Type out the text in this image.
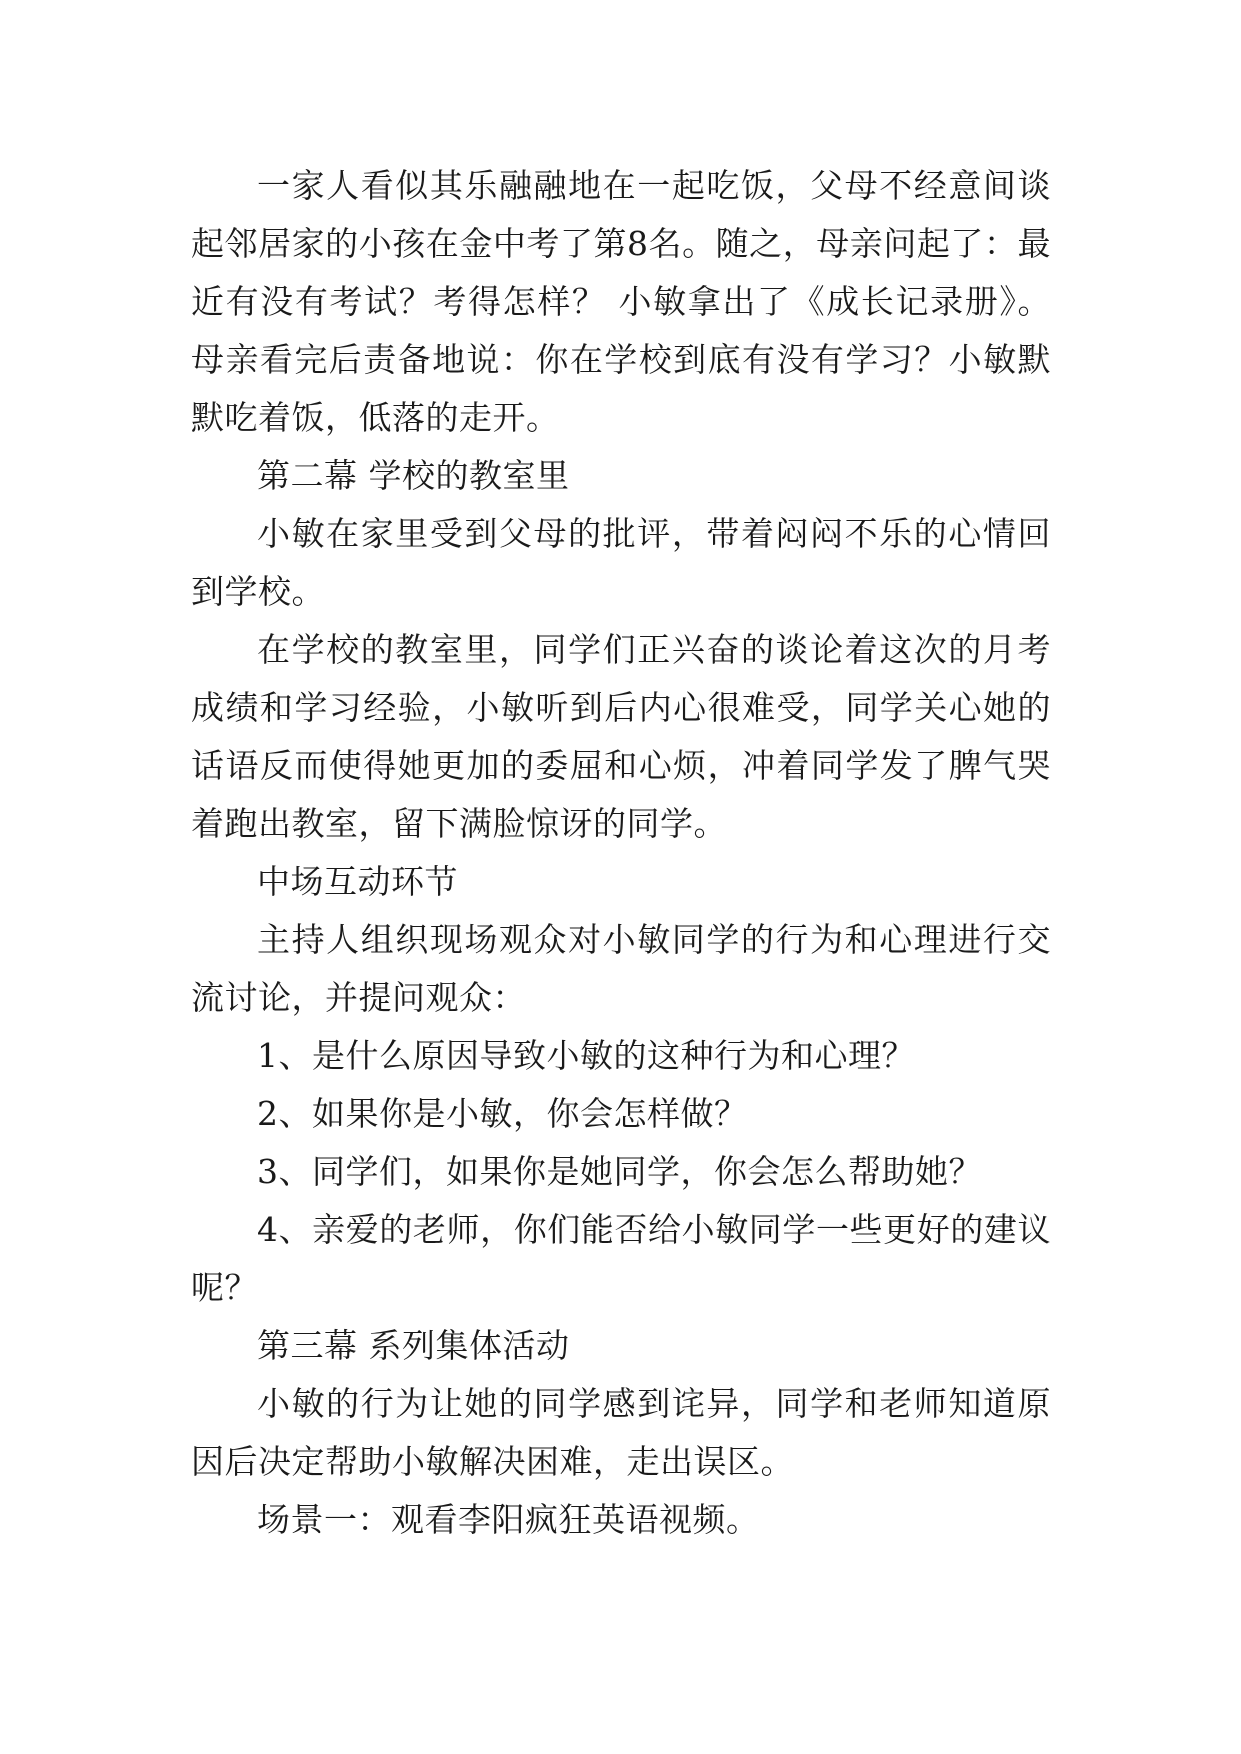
一家人看似其乐融融地在一起吃饭，父母不经意间谈起邻居家的小孩在金中考了第8名。随之，母亲问起了：最近有没有考试？考得怎样？ 小敏拿出了《成长记录册》。母亲看完后责备地说：你在学校到底有没有学习？小敏默默吃着饭，低落的走开。

第二幕 学校的教室里

小敏在家里受到父母的批评，带着闷闷不乐的心情回到学校。

在学校的教室里，同学们正兴奋的谈论着这次的月考成绩和学习经验，小敏听到后内心很难受，同学关心她的话语反而使得她更加的委屈和心烦，冲着同学发了脾气哭着跑出教室，留下满脸惊讶的同学。

中场互动环节

主持人组织现场观众对小敏同学的行为和心理进行交流讨论，并提问观众：

1、是什么原因导致小敏的这种行为和心理？

2、如果你是小敏，你会怎样做？

3、同学们，如果你是她同学，你会怎么帮助她？

4、亲爱的老师，你们能否给小敏同学一些更好的建议呢？

第三幕 系列集体活动

小敏的行为让她的同学感到诧异，同学和老师知道原因后决定帮助小敏解决困难，走出误区。

场景一：观看李阳疯狂英语视频。
